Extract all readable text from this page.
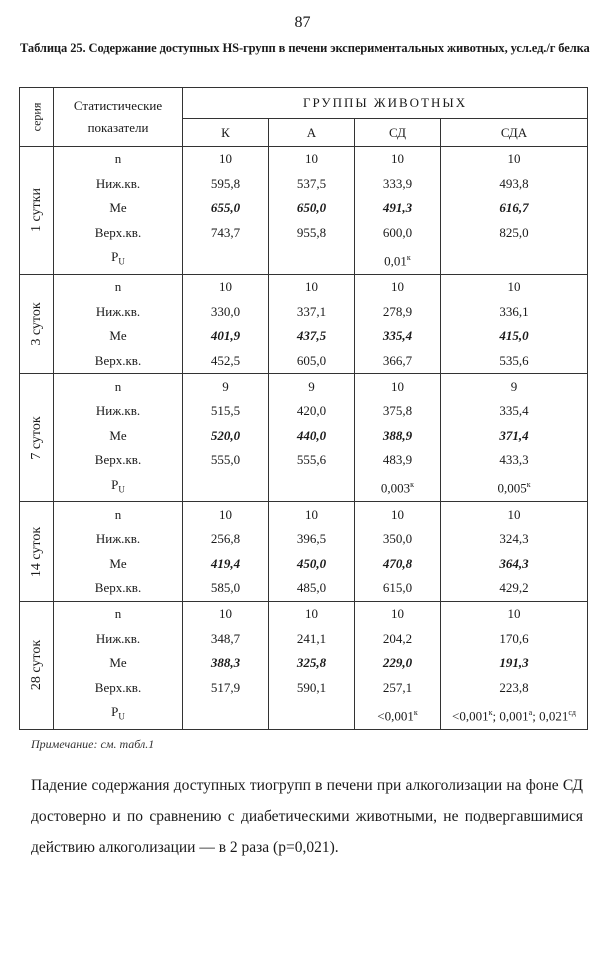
87
Таблица 25. Содержание доступных HS-групп в печени экспериментальных животных, усл.ед./г белка
серия	Статистические показатели	ГРУППЫ ЖИВОТНЫХ			
		К	А	СД	СДА

1 сутки	n	10	10	10	10
	Ниж.кв.	595,8	537,5	333,9	493,8
	Me	655,0	650,0	491,3	616,7
	Верх.кв.	743,7	955,8	600,0	825,0
	$P_U$			$0,01^к$	

3 суток	n	10	10	10	10
	Ниж.кв.	330,0	337,1	278,9	336,1
	Me	401,9	437,5	335,4	415,0
	Верх.кв.	452,5	605,0	366,7	535,6

7 суток	n	9	9	10	9
	Ниж.кв.	515,5	420,0	375,8	335,4
	Me	520,0	440,0	388,9	371,4
	Верх.кв.	555,0	555,6	483,9	433,3
	$P_U$			$0,003^к$	$0,005^к$

14 суток	n	10	10	10	10
	Ниж.кв.	256,8	396,5	350,0	324,3
	Me	419,4	450,0	470,8	364,3
	Верх.кв.	585,0	485,0	615,0	429,2

28 суток	n	10	10	10	10
	Ниж.кв.	348,7	241,1	204,2	170,6
	Me	388,3	325,8	229,0	191,3
	Верх.кв.	517,9	590,1	257,1	223,8
	$P_U$			$<0,001^к$	$<0,001^к$; $0,001^а$; $0,021^{сд}$
Примечание: см. табл.1
Падение содержания доступных тиогрупп в печени при алкоголизации на фоне СД достоверно и по сравнению с диабетическими животными, не подвергавшимися действию алкоголизации — в 2 раза (p=0,021).
